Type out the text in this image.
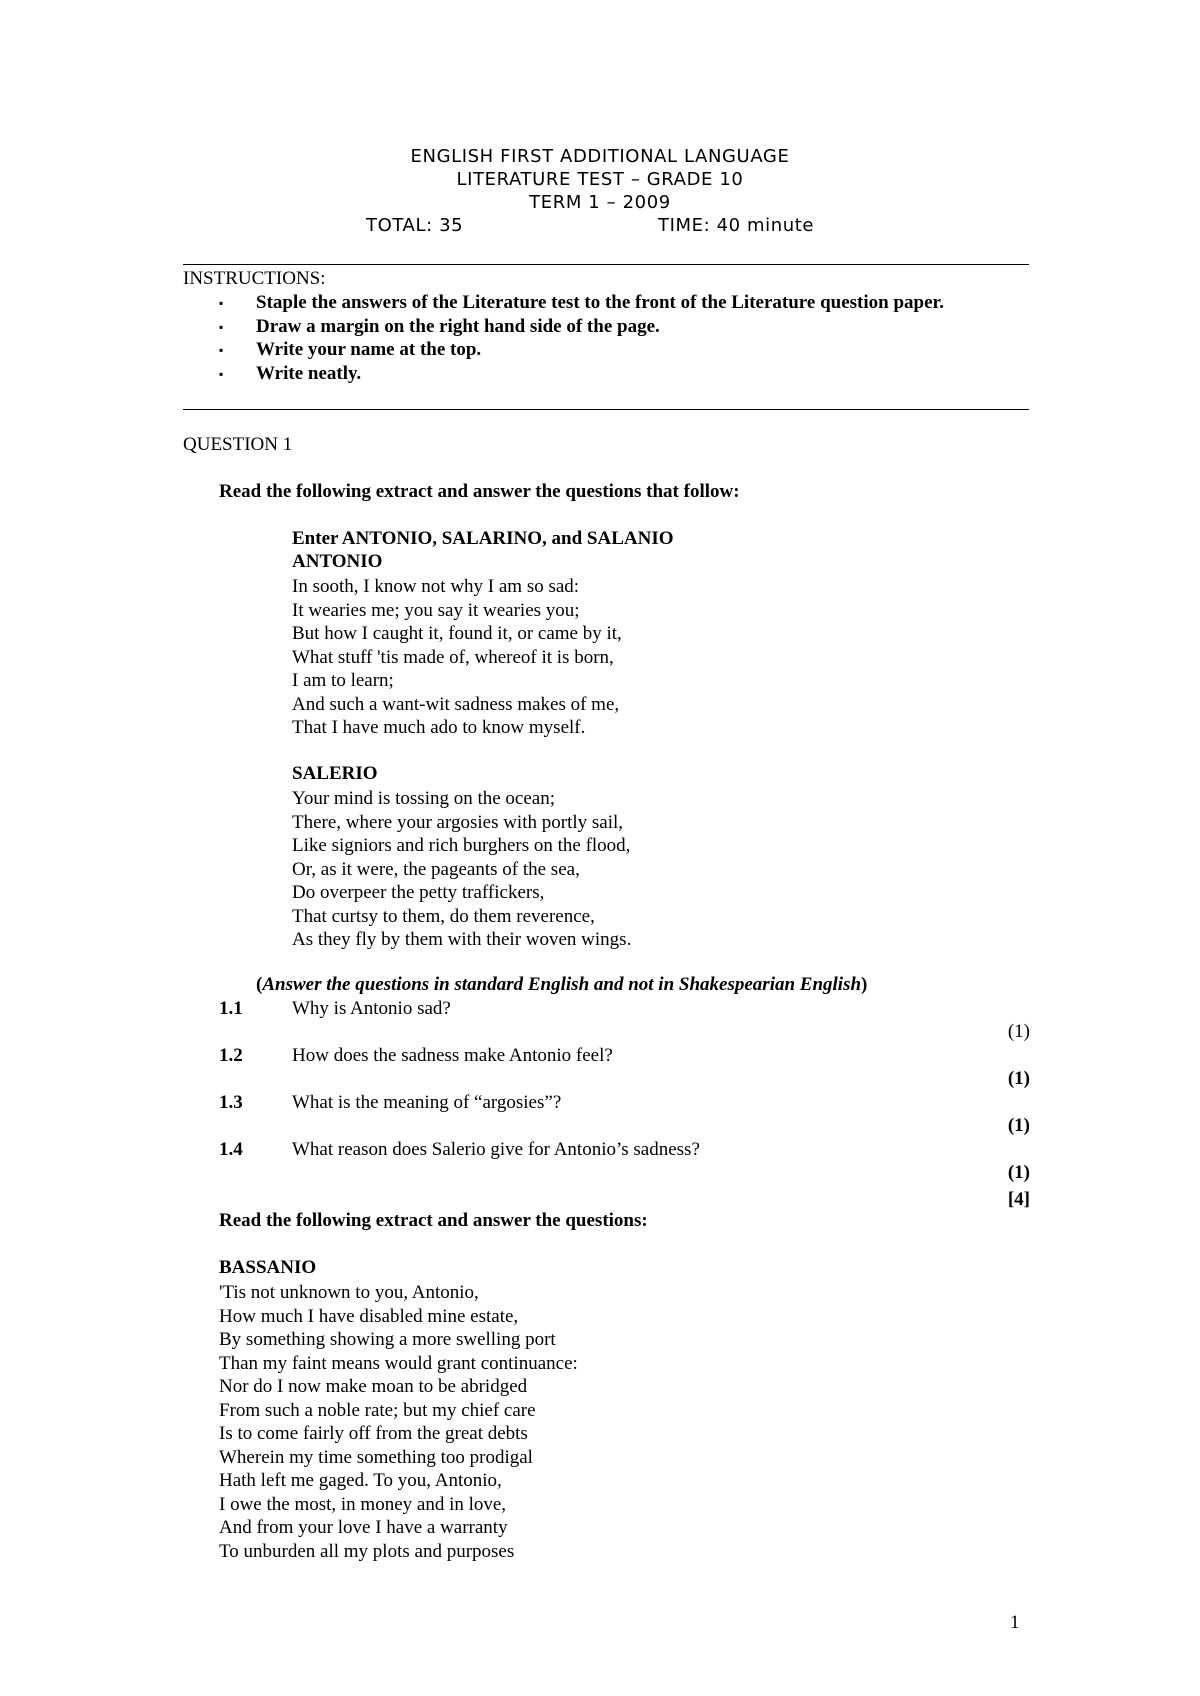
ENGLISH FIRST ADDITIONAL LANGUAGE
LITERATURE TEST – GRADE 10
TERM 1 – 2009
TOTAL: 35	TIME: 40 minute
INSTRUCTIONS:
QUESTION 1
Read the following extract and answer the questions that follow:
Enter ANTONIO, SALARINO, and SALANIO
ANTONIO
In sooth, I know not why I am so sad:
It wearies me; you say it wearies you;
But how I caught it, found it, or came by it,
What stuff 'tis made of, whereof it is born,
I am to learn;
And such a want-wit sadness makes of me,
That I have much ado to know myself.
SALERIO
Your mind is tossing on the ocean;
There, where your argosies with portly sail,
Like signiors and rich burghers on the flood,
Or, as it were, the pageants of the sea,
Do overpeer the petty traffickers,
That curtsy to them, do them reverence,
As they fly by them with their woven wings.
(Answer the questions in standard English and not in Shakespearian English)
[4]
Read the following extract and answer the questions:
BASSANIO
'Tis not unknown to you, Antonio,
How much I have disabled mine estate,
By something showing a more swelling port
Than my faint means would grant continuance:
Nor do I now make moan to be abridged
From such a noble rate; but my chief care
Is to come fairly off from the great debts
Wherein my time something too prodigal
Hath left me gaged. To you, Antonio,
I owe the most, in money and in love,
And from your love I have a warranty
To unburden all my plots and purposes
1
▪ Staple the answers of the Literature test to the front of the Literature question paper.
▪ Draw a margin on the right hand side of the page.
▪ Write your name at the top.
▪ Write neatly.
1.1	Why is Antonio sad?
(1)
1.2	How does the sadness make Antonio feel?
(1)
1.3	What is the meaning of “argosies”?
(1)
1.4	What reason does Salerio give for Antonio’s sadness?
(1)
